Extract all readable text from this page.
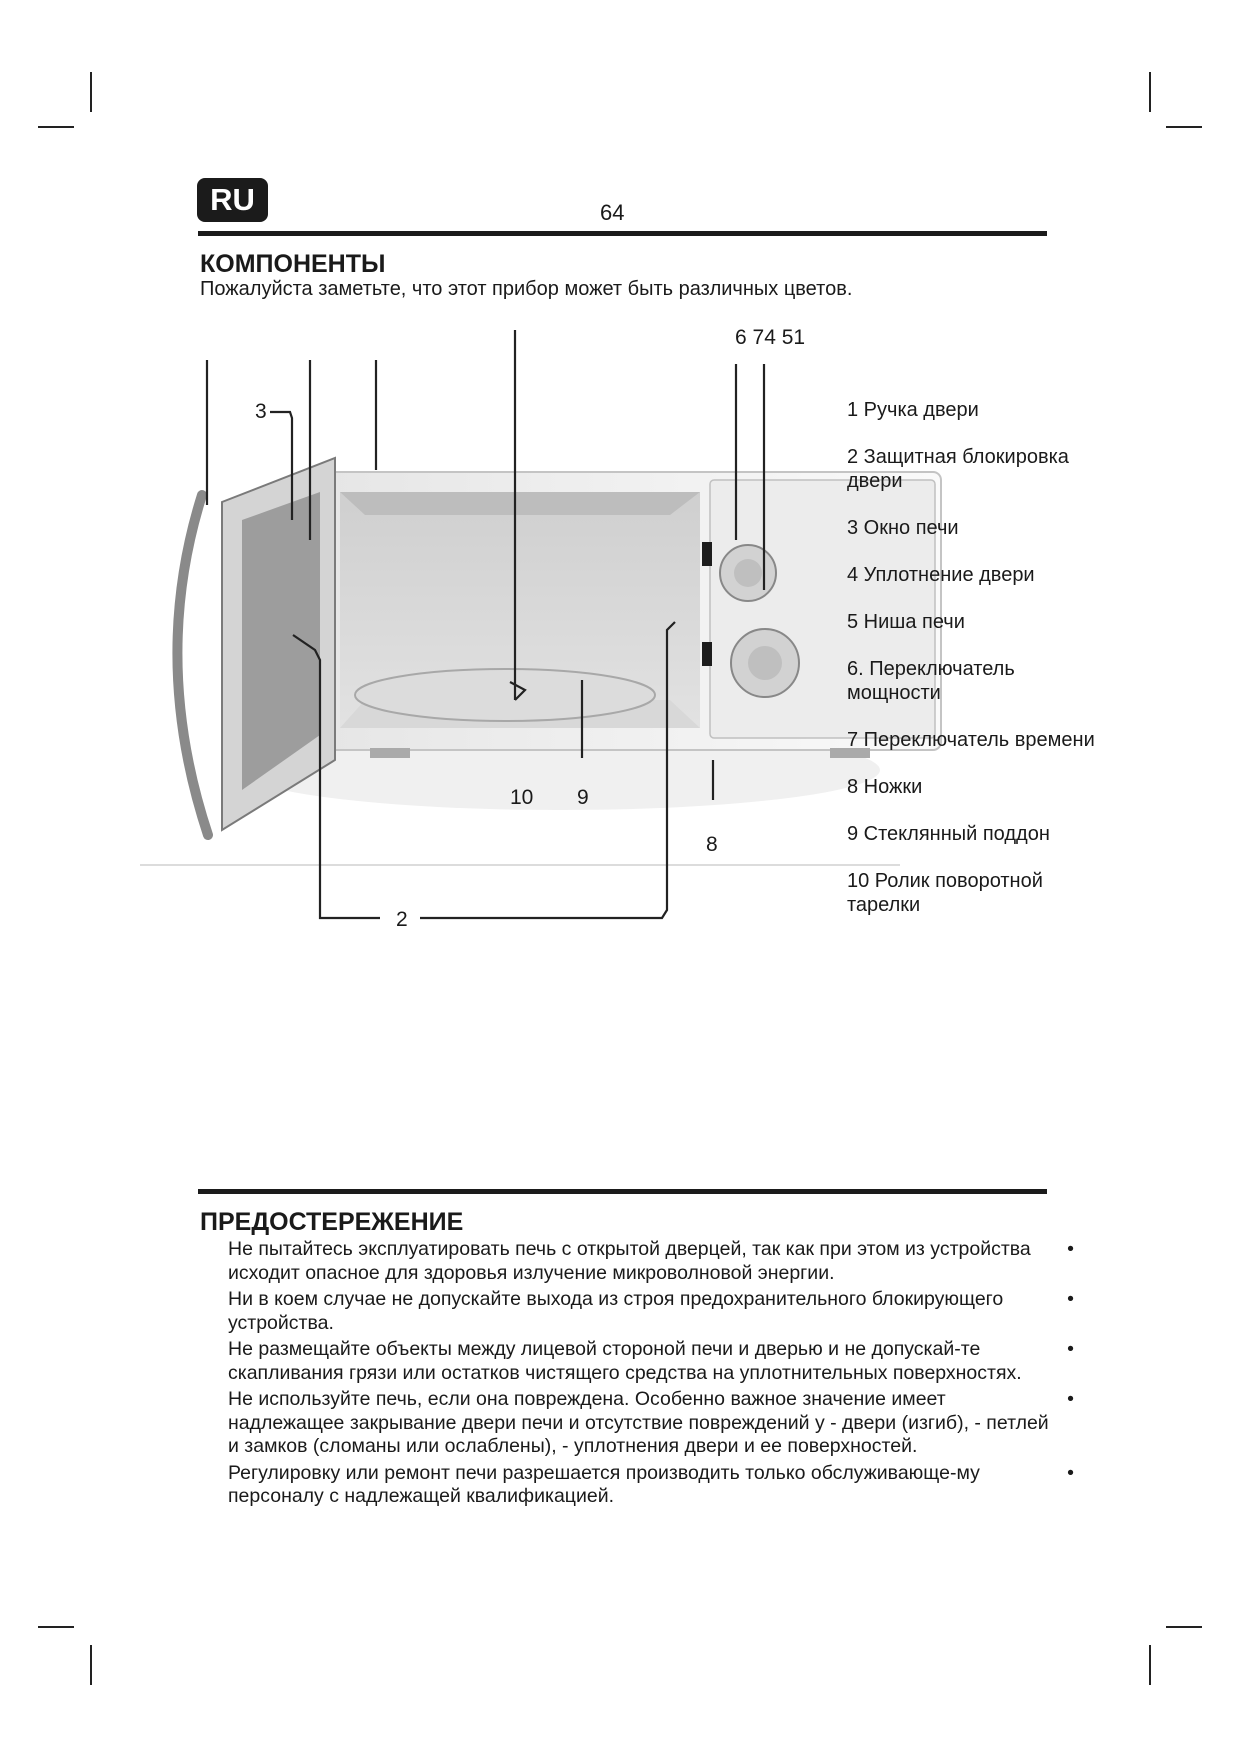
RU	64
КОМПОНЕНТЫ
Пожалуйста заметьте, что этот прибор может быть различных цветов.
6 74 51
3
10 9
8
2
1 Ручка двери
2 Защитная блокировка двери
3 Окно печи
4 Уплотнение двери
5 Ниша печи
6. Переключатель мощности
7 Переключатель времени
8 Ножки
9 Стеклянный поддон
10 Ролик поворотной тарелки
ПРЕДОСТЕРЕЖЕНИЕ
Не пытайтесь эксплуатировать печь с открытой дверцей, так как при этом из устройства исходит опасное для здоровья излучение микроволновой энергии.
•
Ни в коем случае не допускайте выхода из строя предохранительного блокирующего устройства.
•
Не размещайте объекты между лицевой стороной печи и дверью и не допускай-те скапливания грязи или остатков чистящего средства на уплотнительных поверхностях.
•
Не используйте печь, если она повреждена. Особенно важное значение имеет надлежащее закрывание двери печи и отсутствие повреждений у - двери (изгиб), - петлей и замков (сломаны или ослаблены), - уплотнения двери и ее поверхностей.
•
Регулировку или ремонт печи разрешается производить только обслуживающе-му персоналу с надлежащей квалификацией.
•
